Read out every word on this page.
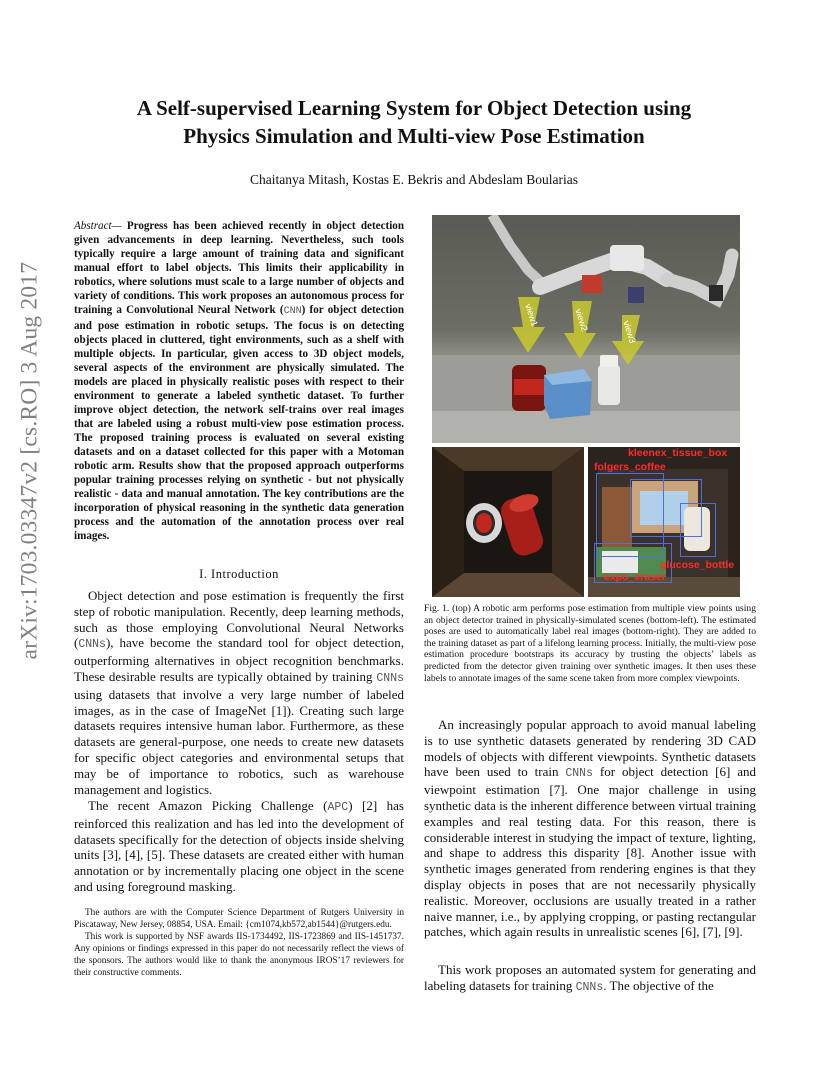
arXiv:1703.03347v2 [cs.RO] 3 Aug 2017
A Self-supervised Learning System for Object Detection using
Physics Simulation and Multi-view Pose Estimation
Chaitanya Mitash, Kostas E. Bekris and Abdeslam Boularias
Abstract— Progress has been achieved recently in object detection given advancements in deep learning. Nevertheless, such tools typically require a large amount of training data and significant manual effort to label objects. This limits their applicability in robotics, where solutions must scale to a large number of objects and variety of conditions. This work proposes an autonomous process for training a Convolutional Neural Network (CNN) for object detection and pose estimation in robotic setups. The focus is on detecting objects placed in cluttered, tight environments, such as a shelf with multiple objects. In particular, given access to 3D object models, several aspects of the environment are physically simulated. The models are placed in physically realistic poses with respect to their environment to generate a labeled synthetic dataset. To further improve object detection, the network self-trains over real images that are labeled using a robust multi-view pose estimation process. The proposed training process is evaluated on several existing datasets and on a dataset collected for this paper with a Motoman robotic arm. Results show that the proposed approach outperforms popular training processes relying on synthetic - but not physically realistic - data and manual annotation. The key contributions are the incorporation of physical reasoning in the synthetic data generation process and the automation of the annotation process over real images.
I. Introduction
Object detection and pose estimation is frequently the first step of robotic manipulation. Recently, deep learning methods, such as those employing Convolutional Neural Networks (CNNs), have become the standard tool for object detection, outperforming alternatives in object recognition benchmarks. These desirable results are typically obtained by training CNNs using datasets that involve a very large number of labeled images, as in the case of ImageNet [1]). Creating such large datasets requires intensive human labor. Furthermore, as these datasets are general-purpose, one needs to create new datasets for specific object categories and environmental setups that may be of importance to robotics, such as warehouse management and logistics.
The recent Amazon Picking Challenge (APC) [2] has reinforced this realization and has led into the development of datasets specifically for the detection of objects inside shelving units [3], [4], [5]. These datasets are created either with human annotation or by incrementally placing one object in the scene and using foreground masking.
The authors are with the Computer Science Department of Rutgers University in Piscataway, New Jersey, 08854, USA. Email: {cm1074,kb572,ab1544}@rutgers.edu.
This work is supported by NSF awards IIS-1734492, IIS-1723869 and IIS-1451737. Any opinions or findings expressed in this paper do not necessarily reflect the views of the sponsors. The authors would like to thank the anonymous IROS’17 reviewers for their constructive comments.
view1	view2	view3
kleenex_tissue_box
folgers_coffee
glucose_bottle
expo_eraser
Fig. 1. (top) A robotic arm performs pose estimation from multiple view points using an object detector trained in physically-simulated scenes (bottom-left). The estimated poses are used to automatically label real images (bottom-right). They are added to the training dataset as part of a lifelong learning process. Initially, the multi-view pose estimation procedure bootstraps its accuracy by trusting the objects’ labels as predicted from the detector given training over synthetic images. It then uses these labels to annotate images of the same scene taken from more complex viewpoints.
An increasingly popular approach to avoid manual labeling is to use synthetic datasets generated by rendering 3D CAD models of objects with different viewpoints. Synthetic datasets have been used to train CNNs for object detection [6] and viewpoint estimation [7]. One major challenge in using synthetic data is the inherent difference between virtual training examples and real testing data. For this reason, there is considerable interest in studying the impact of texture, lighting, and shape to address this disparity [8]. Another issue with synthetic images generated from rendering engines is that they display objects in poses that are not necessarily physically realistic. Moreover, occlusions are usually treated in a rather naive manner, i.e., by applying cropping, or pasting rectangular patches, which again results in unrealistic scenes [6], [7], [9].
This work proposes an automated system for generating and labeling datasets for training CNNs. The objective of the
